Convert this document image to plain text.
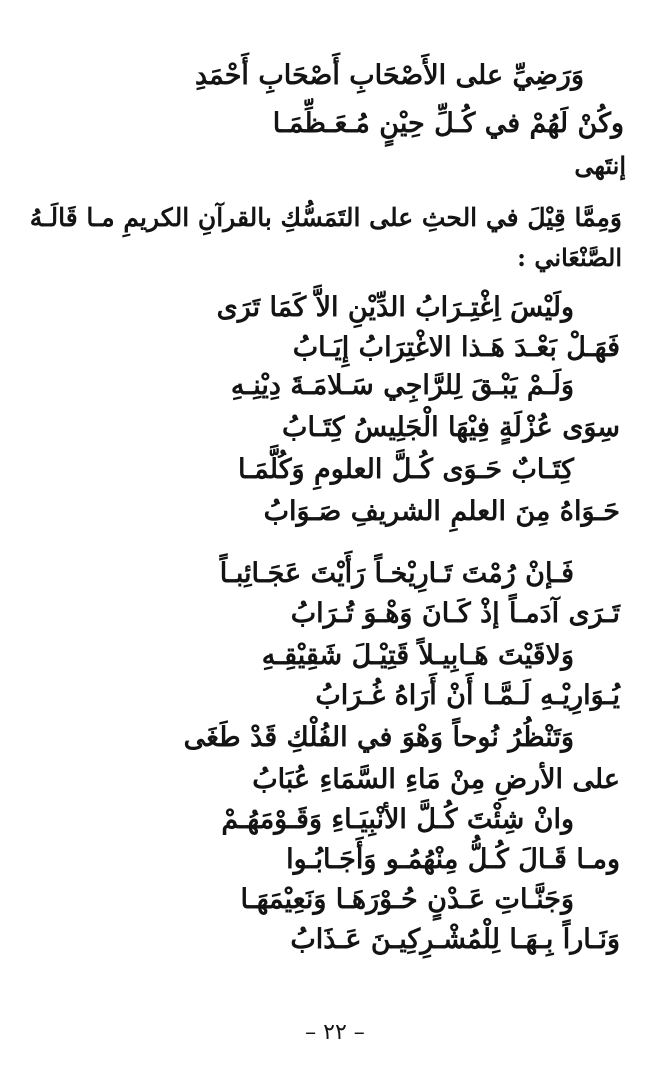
وَرَضِيِّ على الأَصْحَابِ أَصْحَابِ أَحْمَدِ
وكُنْ لَهُمْ في كُـلِّ حِيْنٍ مُـعَـظِّمَـا
إنتَهى
وَمِمَّا قِيْلَ في الحثِ على التَمَسُّكِ بالقرآنِ الكريمِ مـا قَالَـهُ
الصَّنْعَاني :
ولَيْسَ اِغْتِـرَابُ الدِّيْنِ الاَّ كَمَا تَرَى
فَهَـلْ بَعْـدَ هَـذا الاغْتِرَابُ إِيَـابُ
وَلَـمْ يَبْـقَ لِلرَّاجِي سَـلامَـةَ دِيْنِـهِ
سِوَى عُزْلَةٍ فِيْهَا الْجَلِيسُ كِتَـابُ
كِتَـابٌ حَـوَى كُـلَّ العلومِ وَكُلَّمَـا
حَـوَاهُ مِنَ العلمِ الشريفِ صَـوَابُ
فَـإنْ رُمْتَ تَـارِيْخـاً رَأَيْتَ عَجَـائِبـاً
تَـرَى آدَمـاً إذْ كَـانَ وَهْـوَ تُـرَابُ
وَلاقَيْتَ هَـابِيـلاً قَتِيْـلَ شَقِيْقِـهِ
يُـوَارِيْـهِ لَـمَّـا أَنْ أَرَاهُ غُـرَابُ
وَتَنْظُرُ نُوحاً وَهْوَ في الفُلْكِ قَدْ طَغَى
على الأرضِ مِنْ مَاءِ السَّمَاءِ عُبَابُ
وانْ شِئْتَ كُـلَّ الأنْبِيَـاءِ وَقَـوْمَهُـمْ
ومـا قَـالَ كُـلُّ مِنْهُمُـو وَأَجَـابُـوا
وَجَنَّـاتِ عَـدْنٍ حُـوْرَهَـا وَنَعِيْمَهَـا
وَنَـاراً بِـهَـا لِلْمُشْـرِكِيـنَ عَـذَابُ
– ٢٢ –
